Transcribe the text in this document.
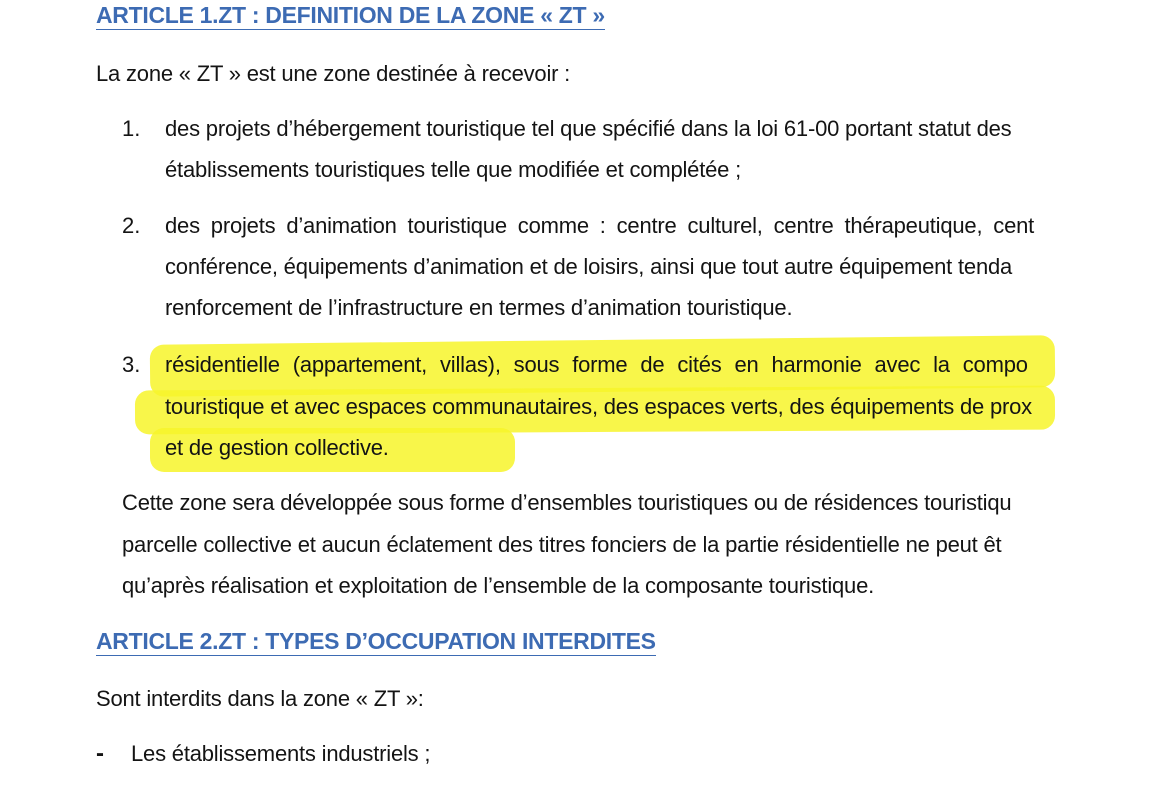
ARTICLE 1.ZT : DEFINITION DE LA ZONE « ZT »
La zone « ZT » est une zone destinée à recevoir :
1. des projets d’hébergement touristique tel que spécifié dans la loi 61-00 portant statut des
établissements touristiques telle que modifiée et complétée ;
2. des projets d’animation touristique comme : centre culturel, centre thérapeutique, cent
conférence, équipements d’animation et de loisirs, ainsi que tout autre équipement tenda
renforcement de l’infrastructure en termes d’animation touristique.
3. résidentielle (appartement, villas), sous forme de cités en harmonie avec la compo
touristique et avec espaces communautaires, des espaces verts, des équipements de prox
et de gestion collective.
Cette zone sera développée sous forme d’ensembles touristiques ou de résidences touristiqu
parcelle collective et aucun éclatement des titres fonciers de la partie résidentielle ne peut êt
qu’après réalisation et exploitation de l’ensemble de la composante touristique.
ARTICLE 2.ZT : TYPES D’OCCUPATION INTERDITES
Sont interdits dans la zone « ZT »:
- Les établissements industriels ;
